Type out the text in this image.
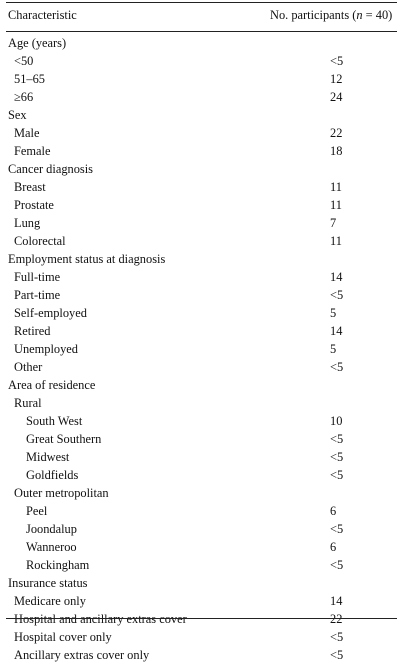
Characteristic	No. participants (n = 40)
Age (years)
<50	<5
51–65	12
≥66	24
Sex
Male	22
Female	18
Cancer diagnosis
Breast	11
Prostate	11
Lung	7
Colorectal	11
Employment status at diagnosis
Full-time	14
Part-time	<5
Self-employed	5
Retired	14
Unemployed	5
Other	<5
Area of residence
Rural
South West	10
Great Southern	<5
Midwest	<5
Goldfields	<5
Outer metropolitan
Peel	6
Joondalup	<5
Wanneroo	6
Rockingham	<5
Insurance status
Medicare only	14
Hospital and ancillary extras cover	22
Hospital cover only	<5
Ancillary extras cover only	<5
